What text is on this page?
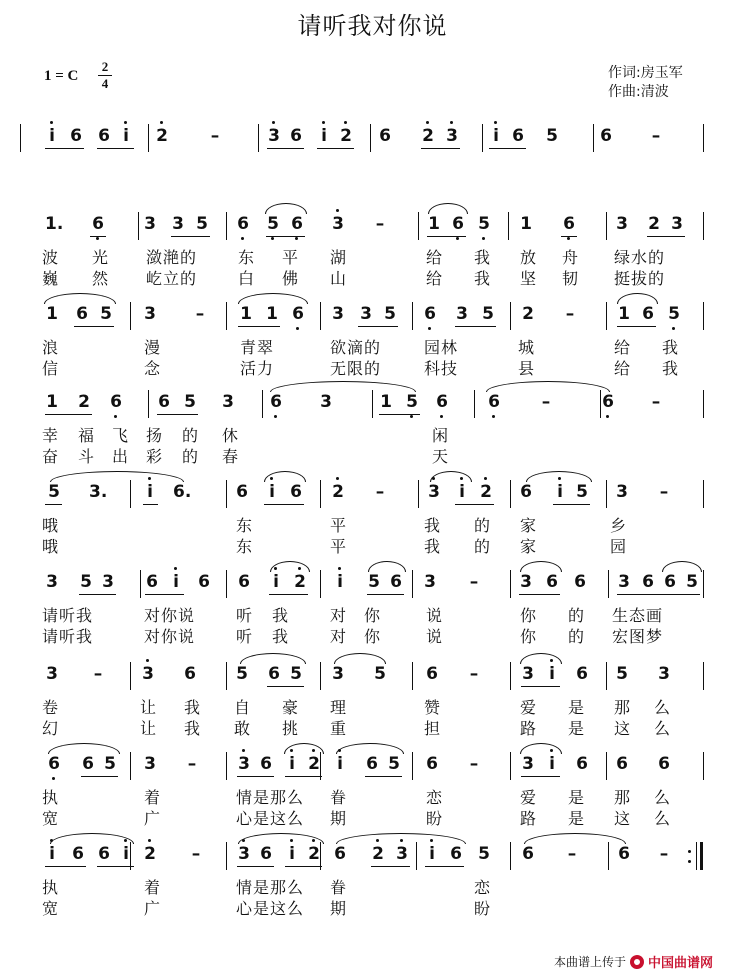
请听我对你说
1 = C
2
4
作词:房玉军
作曲:清波
i 6 6 i 2	–	3 6 i 2 6 2 3 i 6 5 6 –
1. 6 3 3 5 6 5 6 3 –	1 6 5 1 6 3 2 3
波 光 潋滟的	东 平 湖	给 我 放 舟 绿水的
巍 然 屹立的	白 佛 山	给 我 坚 韧 挺拔的
1 6 5 3 – 1 1 6 3 3 5 6 3 5 2 –	1 6 5
浪	漫	青翠	欲滴的	园林	城	给 我
信	念	活力	无限的	科技	县	给 我
1 2 6 6 5 3 6 3	1 5 6 6 –	6 –
幸 福 飞 扬 的 休	闲
奋 斗 出 彩 的 春	天
5 3. i 6.	6 i 6 2 –	3 i 2 6 i 5 3 –
哦	东	平	我 的 家	乡
哦	东	平	我 的 家	园
3 5 3 6 i 6 6 i 2 i 5 6 3 – 3 6 6 3 6 6 5
请听我	对你说	听 我	对 你	说	你 的 生态画
请听我	对你说	听 我	对 你	说	你 的 宏图梦
3 – 3 6 5 6 5 3 5 6 –	3 i 6 5 3
卷	让 我 自 豪 理	赞	爱 是 那 么
幻	让 我 敢 挑 重	担	路 是 这 么
6 6 5 3 – 3 6 i 2 i 6 5 6 –	3 i 6 6 6
执	着	情是那么 眷	恋	爱 是 那 么
宽	广	心是这么 期	盼	路 是 这 么
i 6 6 i 2 – 3 6 i 2 6 2 3 i 6 5 6 – 6 –
执	着	情是那么 眷	恋
宽	广	心是这么 期	盼
本曲谱上传于 中国曲谱网
